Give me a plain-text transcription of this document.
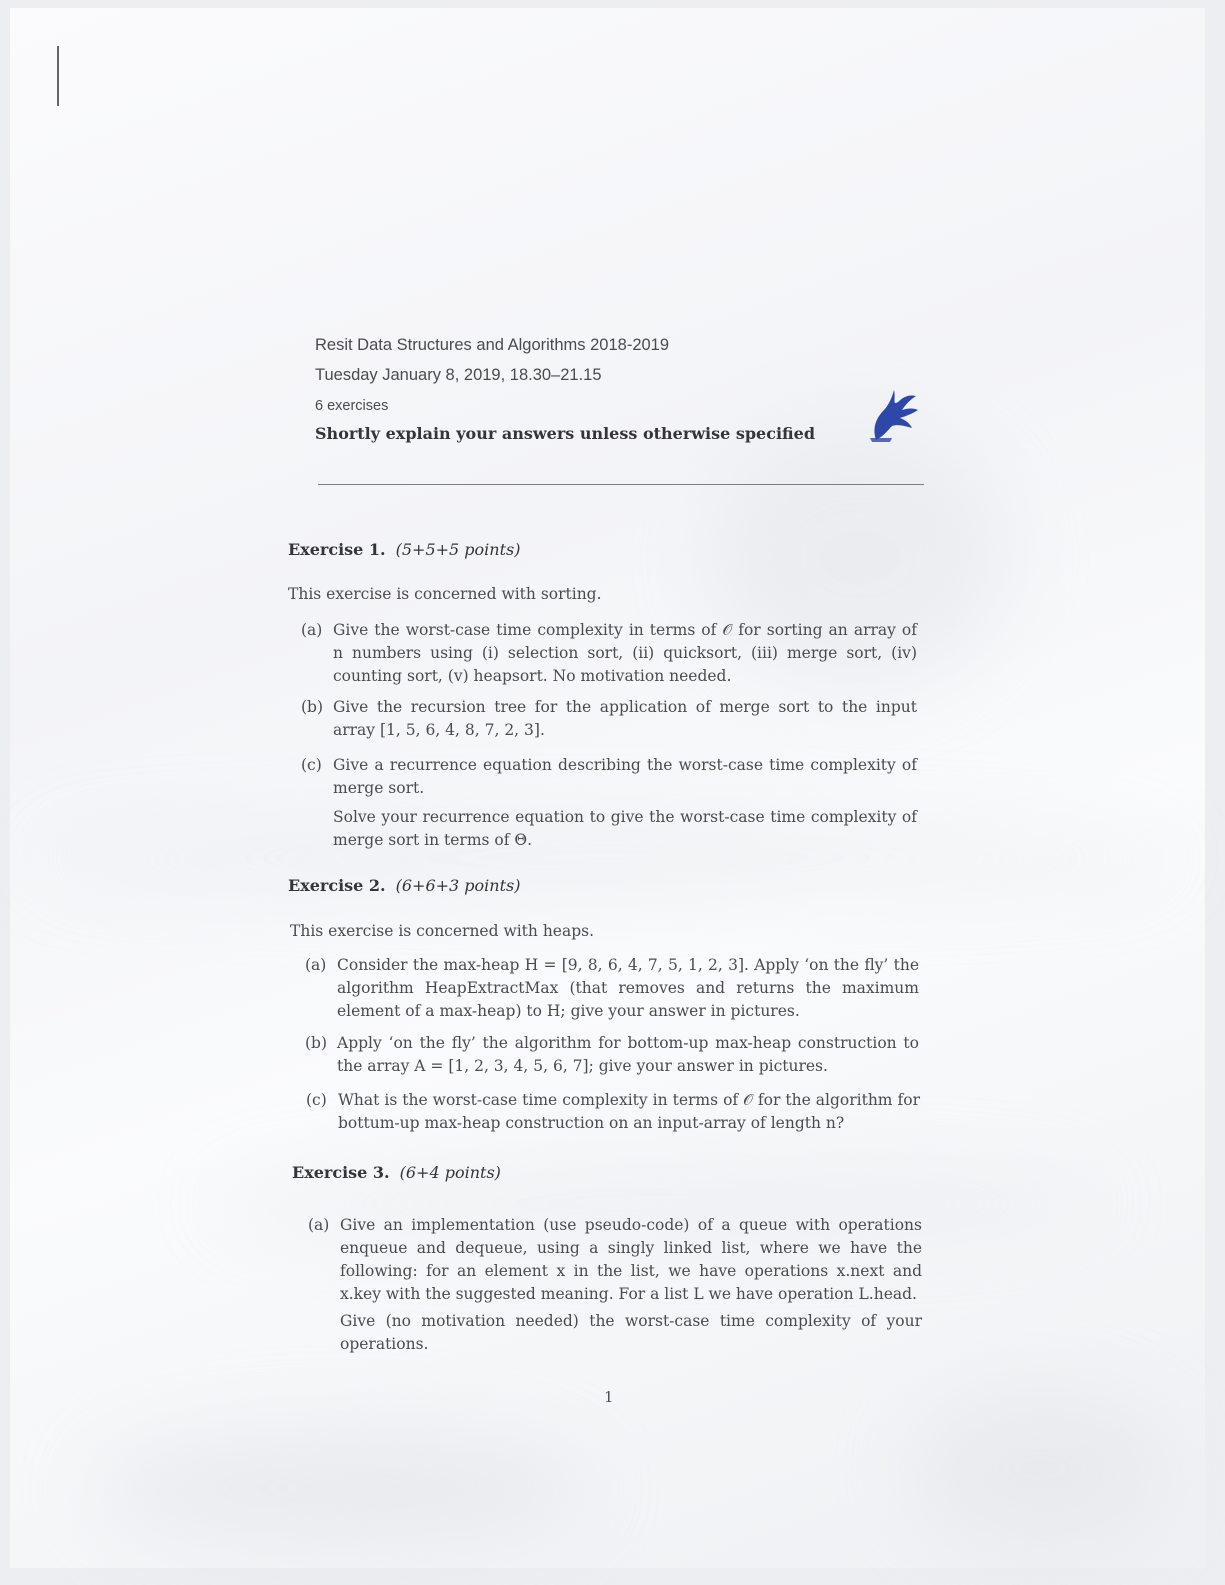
Resit Data Structures and Algorithms 2018-2019
Tuesday January 8, 2019, 18.30–21.15
6 exercises
Shortly explain your answers unless otherwise specified
Exercise 1. (5+5+5 points)
This exercise is concerned with sorting.
(a) Give the worst-case time complexity in terms of 𝒪 for sorting an array of n numbers using (i) selection sort, (ii) quicksort, (iii) merge sort, (iv) counting sort, (v) heapsort. No motivation needed.
(b) Give the recursion tree for the application of merge sort to the input array [1, 5, 6, 4, 8, 7, 2, 3].
(c) Give a recurrence equation describing the worst-case time complexity of merge sort.
Solve your recurrence equation to give the worst-case time complexity of merge sort in terms of Θ.
Exercise 2. (6+6+3 points)
This exercise is concerned with heaps.
(a) Consider the max-heap H = [9, 8, 6, 4, 7, 5, 1, 2, 3]. Apply ‘on the fly’ the algorithm HeapExtractMax (that removes and returns the maximum element of a max-heap) to H; give your answer in pictures.
(b) Apply ‘on the fly’ the algorithm for bottom-up max-heap construction to the array A = [1, 2, 3, 4, 5, 6, 7]; give your answer in pictures.
(c) What is the worst-case time complexity in terms of 𝒪 for the algorithm for bottum-up max-heap construction on an input-array of length n?
Exercise 3. (6+4 points)
(a) Give an implementation (use pseudo-code) of a queue with operations enqueue and dequeue, using a singly linked list, where we have the following: for an element x in the list, we have operations x.next and x.key with the suggested meaning. For a list L we have operation L.head.
Give (no motivation needed) the worst-case time complexity of your operations.
1
